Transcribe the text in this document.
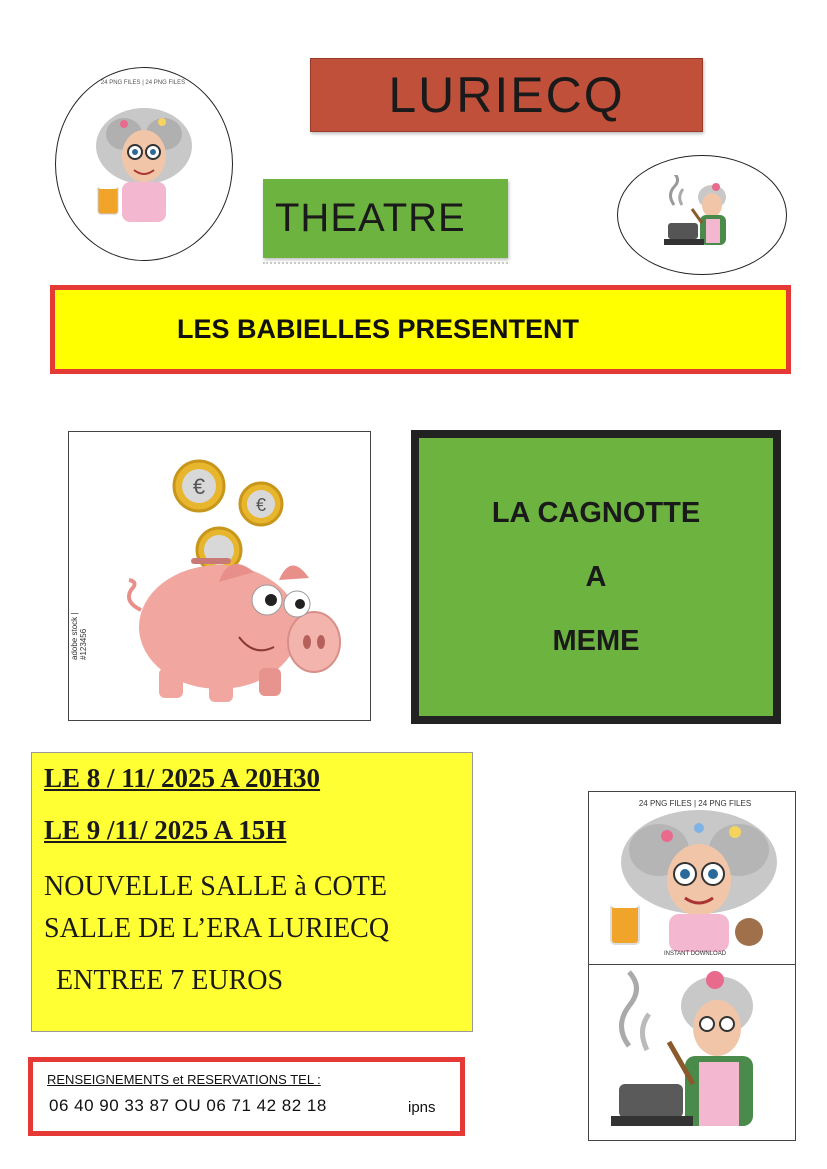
LURIECQ
THEATRE
24 PNG FILES | 24 PNG FILES
LES BABIELLES PRESENTENT
€
€
adobe stock | #123456
LA CAGNOTTE
A
MEME
LE 8 / 11/ 2025 A 20H30
LE 9 /11/ 2025 A 15H
NOUVELLE SALLE à COTE
SALLE DE L’ERA LURIECQ
ENTREE 7 EUROS
RENSEIGNEMENTS et RESERVATIONS TEL :
06 40 90 33 87 OU 06 71 42 82 18	ipns
24 PNG FILES | 24 PNG FILES
INSTANT DOWNLOAD
